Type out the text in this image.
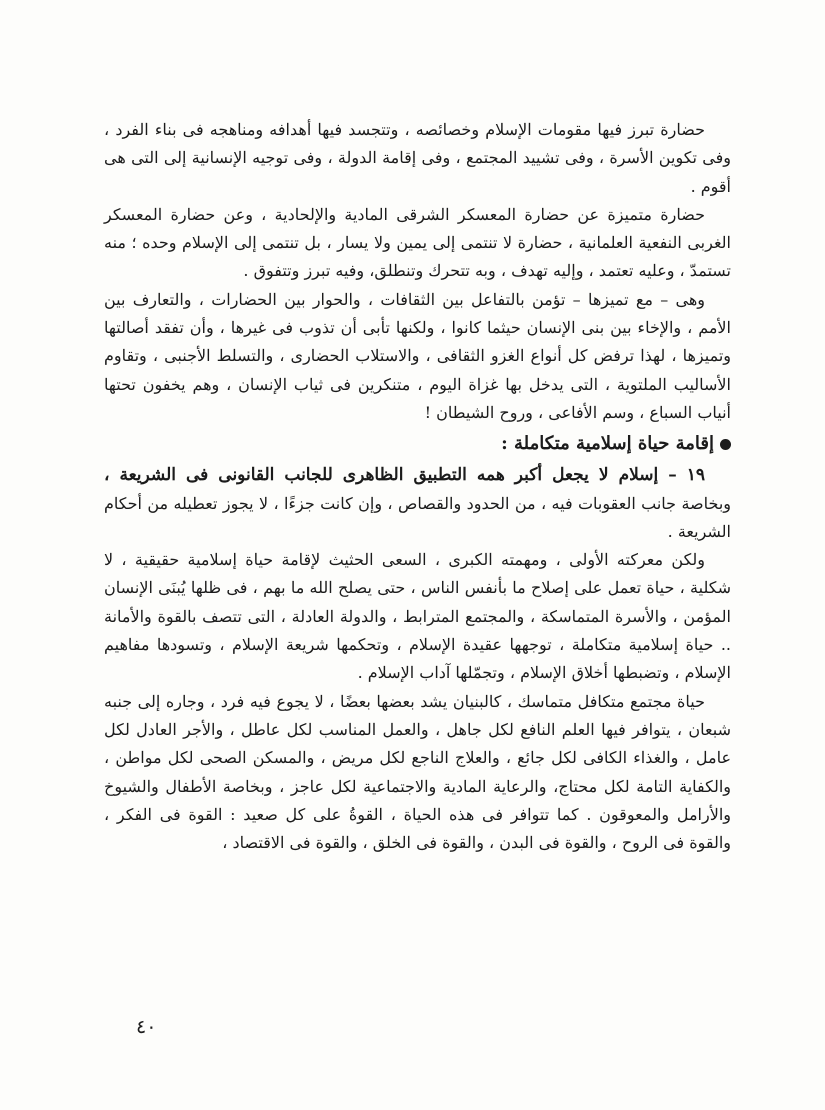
حضارة تبرز فيها مقومات الإسلام وخصائصه ، وتتجسد فيها أهدافه ومناهجه فى بناء الفرد ، وفى تكوين الأسرة ، وفى تشييد المجتمع ، وفى إقامة الدولة ، وفى توجيه الإنسانية إلى التى هى أقوم .

حضارة متميزة عن حضارة المعسكر الشرقى المادية والإلحادية ، وعن حضارة المعسكر الغربى النفعية العلمانية ، حضارة لا تنتمى إلى يمين ولا يسار ، بل تنتمى إلى الإسلام وحده ؛ منه تستمدّ ، وعليه تعتمد ، وإليه تهدف ، وبه تتحرك وتنطلق، وفيه تبرز وتتفوق .

وهى – مع تميزها – تؤمن بالتفاعل بين الثقافات ، والحوار بين الحضارات ، والتعارف بين الأمم ، والإخاء بين بنى الإنسان حيثما كانوا ، ولكنها تأبى أن تذوب فى غيرها ، وأن تفقد أصالتها وتميزها ، لهذا ترفض كل أنواع الغزو الثقافى ، والاستلاب الحضارى ، والتسلط الأجنبى ، وتقاوم الأساليب الملتوية ، التى يدخل بها غزاة اليوم ، متنكرين فى ثياب الإنسان ، وهم يخفون تحتها أنياب السباع ، وسم الأفاعى ، وروح الشيطان !

إقامة حياة إسلامية متكاملة :

١٩ – إسلام لا يجعل أكبر همه التطبيق الظاهرى للجانب القانونى فى الشريعة ، وبخاصة جانب العقوبات فيه ، من الحدود والقصاص ، وإن كانت جزءًا ، لا يجوز تعطيله من أحكام الشريعة .

ولكن معركته الأولى ، ومهمته الكبرى ، السعى الحثيث لإقامة حياة إسلامية حقيقية ، لا شكلية ، حياة تعمل على إصلاح ما بأنفس الناس ، حتى يصلح الله ما بهم ، فى ظلها يُبنَى الإنسان المؤمن ، والأسرة المتماسكة ، والمجتمع المترابط ، والدولة العادلة ، التى تتصف بالقوة والأمانة .. حياة إسلامية متكاملة ، توجهها عقيدة الإسلام ، وتحكمها شريعة الإسلام ، وتسودها مفاهيم الإسلام ، وتضبطها أخلاق الإسلام ، وتجمّلها آداب الإسلام .

حياة مجتمع متكافل متماسك ، كالبنيان يشد بعضها بعضًا ، لا يجوع فيه فرد ، وجاره إلى جنبه شبعان ، يتوافر فيها العلم النافع لكل جاهل ، والعمل المناسب لكل عاطل ، والأجر العادل لكل عامل ، والغذاء الكافى لكل جائع ، والعلاج الناجع لكل مريض ، والمسكن الصحى لكل مواطن ، والكفاية التامة لكل محتاج، والرعاية المادية والاجتماعية لكل عاجز ، وبخاصة الأطفال والشيوخ والأرامل والمعوقون . كما تتوافر فى هذه الحياة ، القوةُ على كل صعيد : القوة فى الفكر ، والقوة فى الروح ، والقوة فى البدن ، والقوة فى الخلق ، والقوة فى الاقتصاد ،

٤٠
